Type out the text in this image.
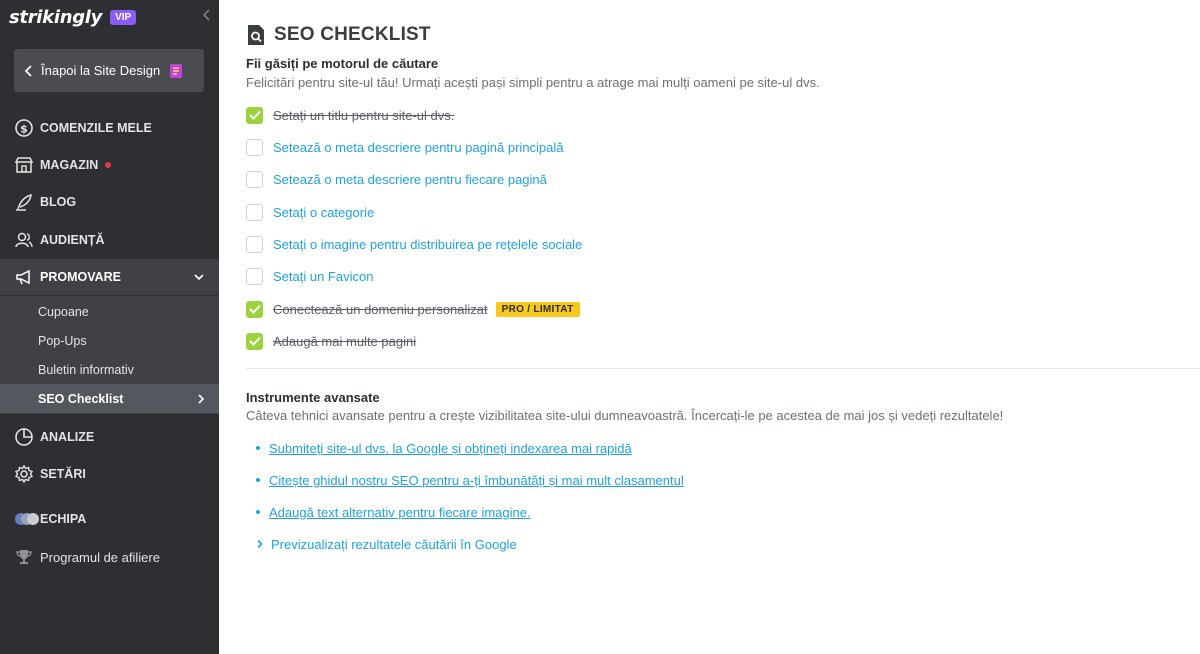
strikingly	VIP
Înapoi la Site Design
$ COMENZILE MELE
MAGAZIN
BLOG
AUDIENȚĂ
PROMOVARE
Cupoane
Pop-Ups
Buletin informativ
SEO Checklist
ANALIZE
SETĂRI
ECHIPA
Programul de afiliere
SEO CHECKLIST
Fii găsiți pe motorul de căutare
Felicitări pentru site-ul tău! Urmați acești pași simpli pentru a atrage mai mulți oameni pe site-ul dvs.
Setați un titlu pentru site-ul dvs.
Setează o meta descriere pentru pagină principală
Setează o meta descriere pentru fiecare pagină
Setați o categorie
Setați o imagine pentru distribuirea pe rețelele sociale
Setați un Favicon
Conectează un domeniu personalizat	PRO / LIMITAT
Adaugă mai multe pagini
Instrumente avansate
Câteva tehnici avansate pentru a crește vizibilitatea site-ului dumneavoastră. Încercați-le pe acestea de mai jos și vedeți rezultatele!
Submiteți site-ul dvs. la Google și obțineți indexarea mai rapidă
Citește ghidul nostru SEO pentru a-ți îmbunătăți și mai mult clasamentul
Adaugă text alternativ pentru fiecare imagine.
Previzualizați rezultatele căutării în Google
